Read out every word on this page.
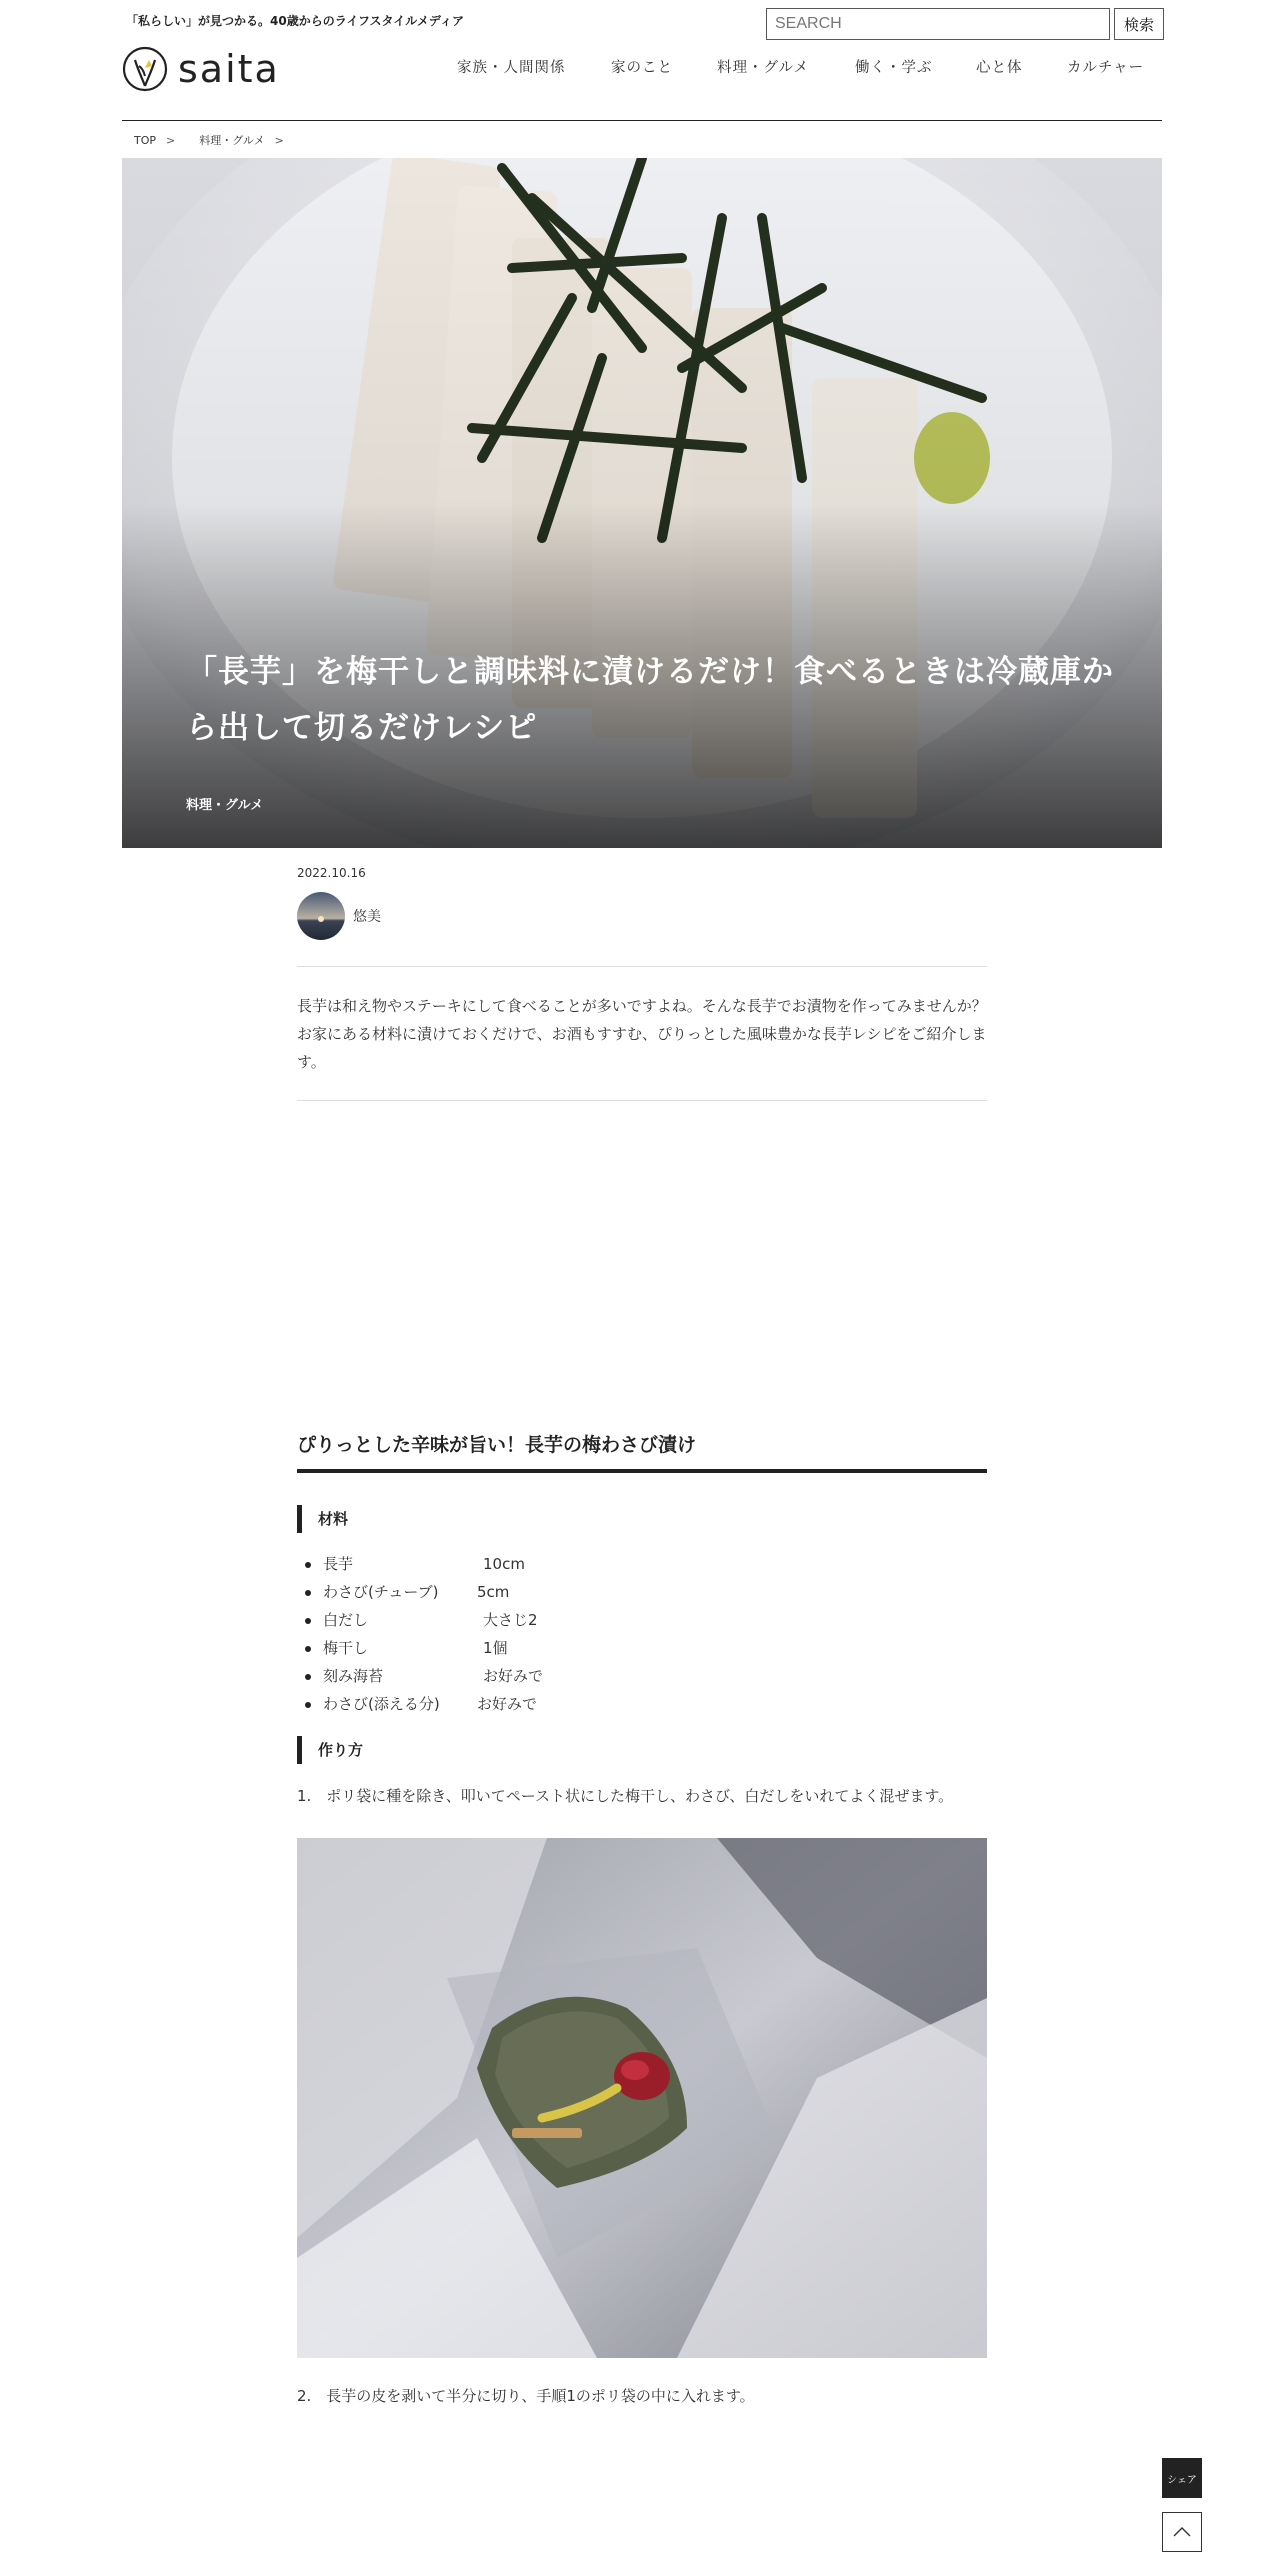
「私らしい」が見つかる。40歳からのライフスタイルメディア
SEARCH	検索
saita	家族・人間関係	家のこと	料理・グルメ	働く・学ぶ	心と体	カルチャー
TOP > 料理・グルメ >
「長芋」を梅干しと調味料に漬けるだけ！食べるときは冷蔵庫から出して切るだけレシピ
料理・グルメ
2022.10.16
悠美

長芋は和え物やステーキにして食べることが多いですよね。そんな長芋でお漬物を作ってみませんか？　お家にある材料に漬けておくだけで、お酒もすすむ、ぴりっとした風味豊かな長芋レシピをご紹介します。

ぴりっとした辛味が旨い！長芋の梅わさび漬け
材料
長芋	10cm
わさび(チューブ)	5cm
白だし	大さじ2
梅干し	1個
刻み海苔	お好みで
わさび(添える分) お好みで
作り方

1.　ポリ袋に種を除き、叩いてペースト状にした梅干し、わさび、白だしをいれてよく混ぜます。

2.　長芋の皮を剥いて半分に切り、手順1のポリ袋の中に入れます。

シェア
